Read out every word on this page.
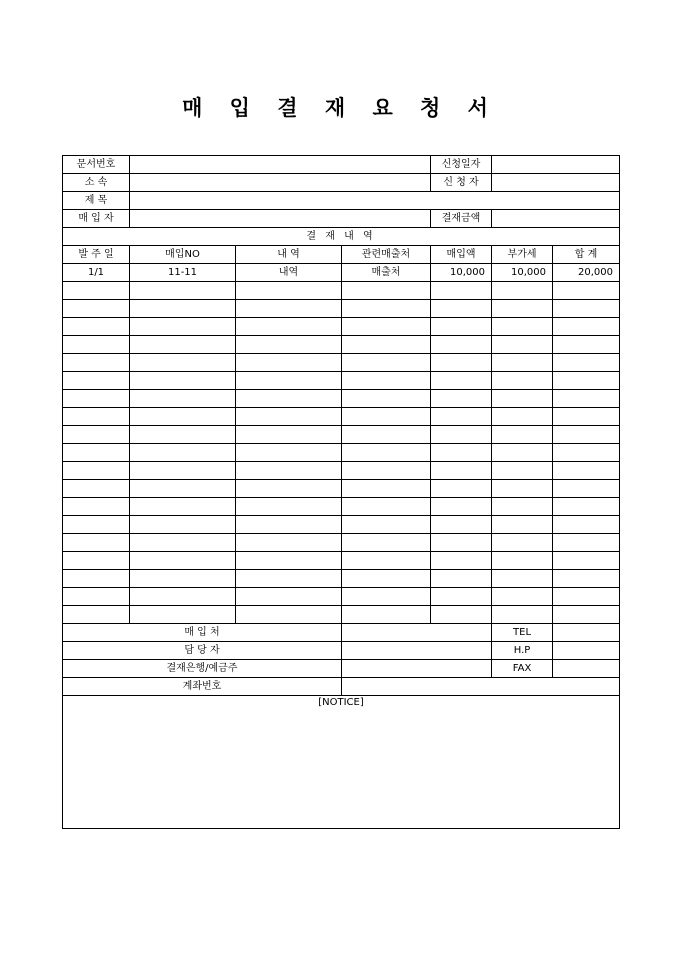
매 입 결 재 요 청 서
문서번호				신청일자		
소 속				신 청 자		
제 목						
매 입 자				결재금액		
결 재 내 역						
발 주 일	매입NO	내 역	관련매출처	매입액	부가세	합 계
1/1	11-11	내역	매출처	10,000	10,000	20,000

매 입 처					TEL	
담 당 자					H.P	
결재은행/예금주					FAX	
계좌번호						
[NOTICE]						
